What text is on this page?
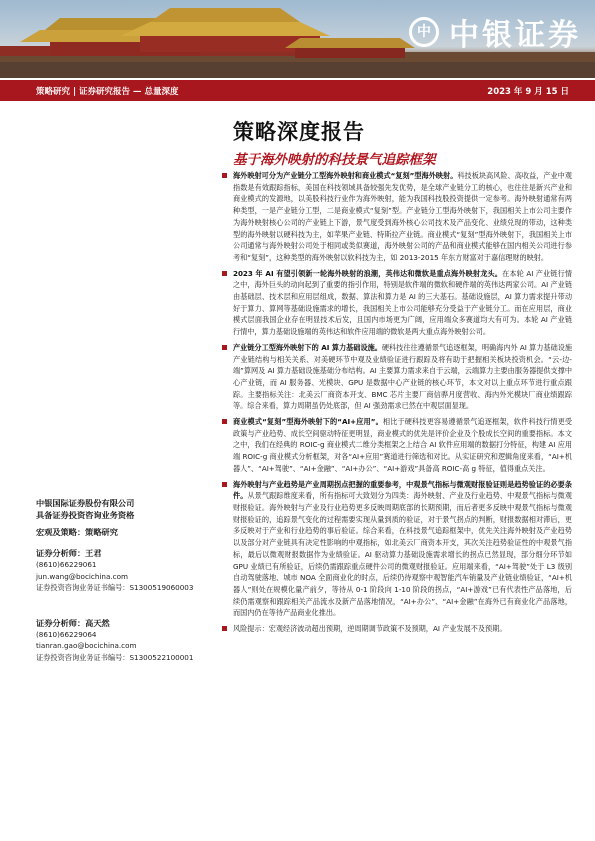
中 中银证券
策略研究 | 证券研究报告 — 总量深度	2023 年 9 月 15 日
策略深度报告
基于海外映射的科技景气追踪框架
海外映射可分为产业链分工型海外映射和商业模式“复刻”型海外映射。科技板块高风险、高收益，产业中观指数是有效跟踪指标，美国在科技领域具备较强先发优势，是全球产业链分工的核心，也往往是新兴产业和商业模式的发源地，以美股科技行业作为海外映射，能为我国科技股投资提供一定参考。海外映射通常有两种类型，一是产业链分工型，二是商业模式“复刻”型。产业链分工型海外映射下，我国相关上市公司主要作为海外映射核心公司的产业链上下游，景气度受到海外核心公司技术及产品变化、业绩兑现的带动，这种类型的海外映射以硬科技为主，如苹果产业链、特斯拉产业链。商业模式“复刻”型海外映射下，我国相关上市公司通常与海外映射公司处于相同或类似赛道，海外映射公司的产品和商业模式能够在国内相关公司进行参考和“复刻”，这种类型的海外映射以软科技为主，如 2013-2015 年东方财富对于嘉信理财的映射。
2023 年 AI 有望引领新一轮海外映射的浪潮，英伟达和微软是重点海外映射龙头。在本轮 AI 产业链行情之中，海外巨头的动向起到了重要的指引作用，特别是软件端的微软和硬件端的英伟达两家公司。AI 产业链由基础层、技术层和应用层组成，数据、算法和算力是 AI 的三大基石。基础设施层，AI 算力需求提升带动好于算力、算网等基础设施需求的增长，我国相关上市公司能够充分受益于产业链分工。而在应用层，商业模式层面我国企业存在明显技术后发，且国内市场更为广阔，应用端众多赛道均大有可为。本轮 AI 产业链行情中，算力基础设施端的英伟达和软件应用端的微软是两大重点海外映射公司。
产业链分工型海外映射下的 AI 算力基础设施。硬科技往往遵循景气追逐框架，明确海内外 AI 算力基础设施产业链结构与相关关系、对美硬环节中观及业绩验证进行跟踪及将有助于把握相关板块投资机会。“云-边-端”算网及 AI 算力基础设施基础分布结构。AI 主要算力需求来自于云端，云端算力主要由服务器提供支撑中心产业链，而 AI 服务器、光模块、GPU 是数据中心产业链的核心环节，本文对以上重点环节进行重点跟踪。主要指标关注：北美云厂商资本开支、BMC 芯片主要厂商信骅月度营收、海内外光模块厂商业绩跟踪等。综合来看，算力周期虽仍处底部，但 AI 强劲需求已然在中观层面显现。
商业模式“复刻”型海外映射下的“AI+应用”。相比于硬科技更容易遵循景气追逐框架，软件科技行情更受政策与产业趋势、成长空间驱动特征更明显，商业模式的优先是评价企业及个股成长空间的重要指标。本文之中，我们在经典的 ROIC-g 商业模式二维分类框架之上结合 AI 软件应用端的数据打分特征，构建 AI 应用端 ROIC-g 商业模式分析框架，对各“AI+应用”赛道进行筛选和对比。从实证研究和逻辑角度来看，“AI+机器人”、“AI+驾驶”、“AI+金融”、“AI+办公”、“AI+游戏”具备高 ROIC-高 g 特征，值得重点关注。
海外映射与产业趋势是产业周期拐点把握的重要参考，中观景气指标与微观财报验证则是趋势验证的必要条件。从景气跟踪维度来看，所有指标可大致划分为四类：海外映射、产业及行业趋势、中观景气指标与微观财报验证。海外映射与产业及行业趋势更多反映周期底部的长期预期，而后者更多反映中观景气指标与微观财报验证的，追踪景气变化的过程需要实现从量到质的验证，对于景气拐点的判断，财报数据相对滞后，更多反映对于产业和行业趋势的事后验证。综合来看，在科技景气追踪框架中，优先关注海外映射及产业趋势以及部分对产业链具有决定性影响的中观指标，如北美云厂商资本开支，其次关注趋势验证性的中观景气指标，最后以微观财报数据作为业绩验证。AI 驱动算力基础设施需求增长的拐点已然显现，部分细分环节如 GPU 业绩已有所验证，后续仍需跟踪重点硬件公司的微观财报验证。应用端来看，“AI+驾驶”处于 L3 级别自动驾驶落地、城市 NOA 全面商业化的时点，后续仍待观察中观智能汽车销量及产业链业绩验证，“AI+机器人”则处在规模化量产前夕，等待从 0-1 阶段向 1-10 阶段的拐点，“AI+游戏”已有代表性产品落地，后续仍需观察和跟踪相关产品流水及新产品落地情况，“AI+办公”、“AI+金融”在海外已有商业化产品落地，而国内仍在等待产品商业化推出。
风险提示：宏观经济波动超出预期，逆周期调节政策不及预期，AI 产业发展不及预期。
中银国际证券股份有限公司
具备证券投资咨询业务资格
宏观及策略：策略研究
证券分析师：王君
(8610)66229061
jun.wang@bocichina.com
证券投资咨询业务证书编号：S1300519060003
证券分析师：高天然
(8610)66229064
tianran.gao@bocichina.com
证券投资咨询业务证书编号：S1300522100001
